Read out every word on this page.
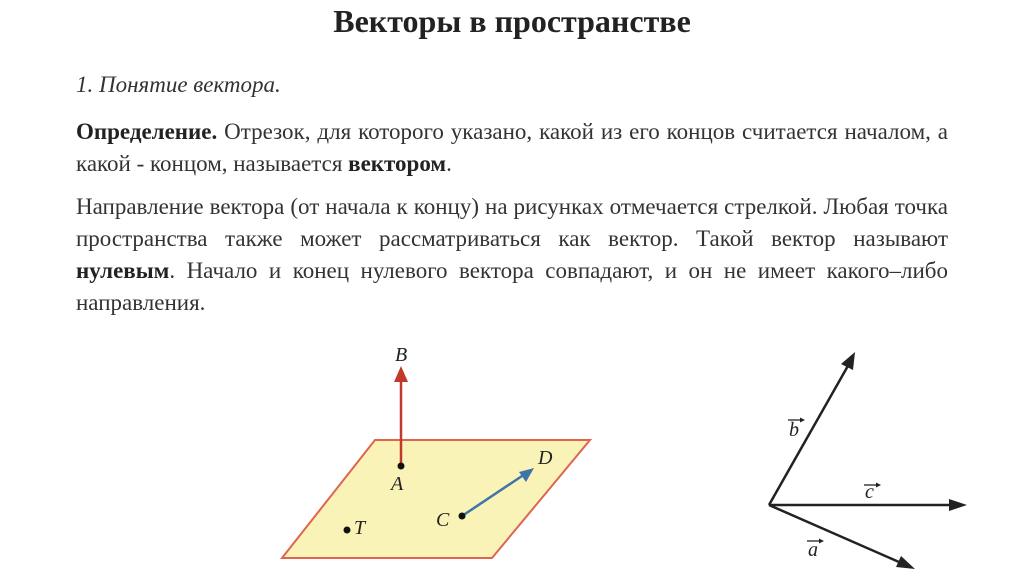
Векторы в пространстве
1. Понятие вектора.
Определение. Отрезок, для которого указано, какой из его концов считается началом, а какой - концом, называется вектором.
Направление вектора (от начала к концу) на рисунках отмечается стрелкой. Любая точка пространства также может рассматриваться как вектор. Такой вектор называют нулевым. Начало и конец нулевого вектора совпадают, и он не имеет какого–либо направления.
B
A
D
C
T
b
c
a
